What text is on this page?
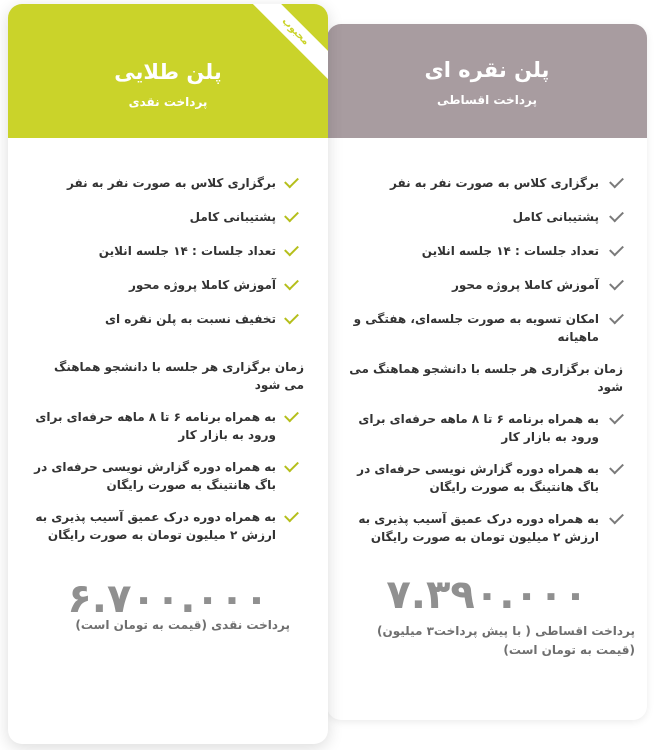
پلن نقره ای
پرداخت اقساطی
برگزاری کلاس به صورت نفر به نفر
پشتیبانی کامل
تعداد جلسات : ۱۴ جلسه انلاین
آموزش کاملا پروژه محور
امکان تسویه به صورت جلسه‌ای، هفتگی و ماهیانه
زمان برگزاری هر جلسه با دانشجو هماهنگ می شود
به همراه برنامه ۶ تا ۸ ماهه حرفه‌ای برای ورود به بازار کار
به همراه دوره گزارش نویسی حرفه‌ای در باگ هانتینگ به صورت رایگان
به همراه دوره درک عمیق آسیب پذیری به ارزش ۲ میلیون تومان به صورت رایگان
۷.۳۹۰.۰۰۰
پرداخت اقساطی ( با پیش پرداخت۳ میلیون) (قیمت به تومان است)
محبوب
پلن طلایی
پرداخت نقدی
برگزاری کلاس به صورت نفر به نفر
پشتیبانی کامل
تعداد جلسات : ۱۴ جلسه انلاین
آموزش کاملا پروژه محور
تخفیف نسبت به پلن نقره ای
زمان برگزاری هر جلسه با دانشجو هماهنگ می شود
به همراه برنامه ۶ تا ۸ ماهه حرفه‌ای برای ورود به بازار کار
به همراه دوره گزارش نویسی حرفه‌ای در باگ هانتینگ به صورت رایگان
به همراه دوره درک عمیق آسیب پذیری به ارزش ۲ میلیون تومان به صورت رایگان
۶.۷۰۰.۰۰۰
پرداخت نقدی (قیمت به تومان است)
